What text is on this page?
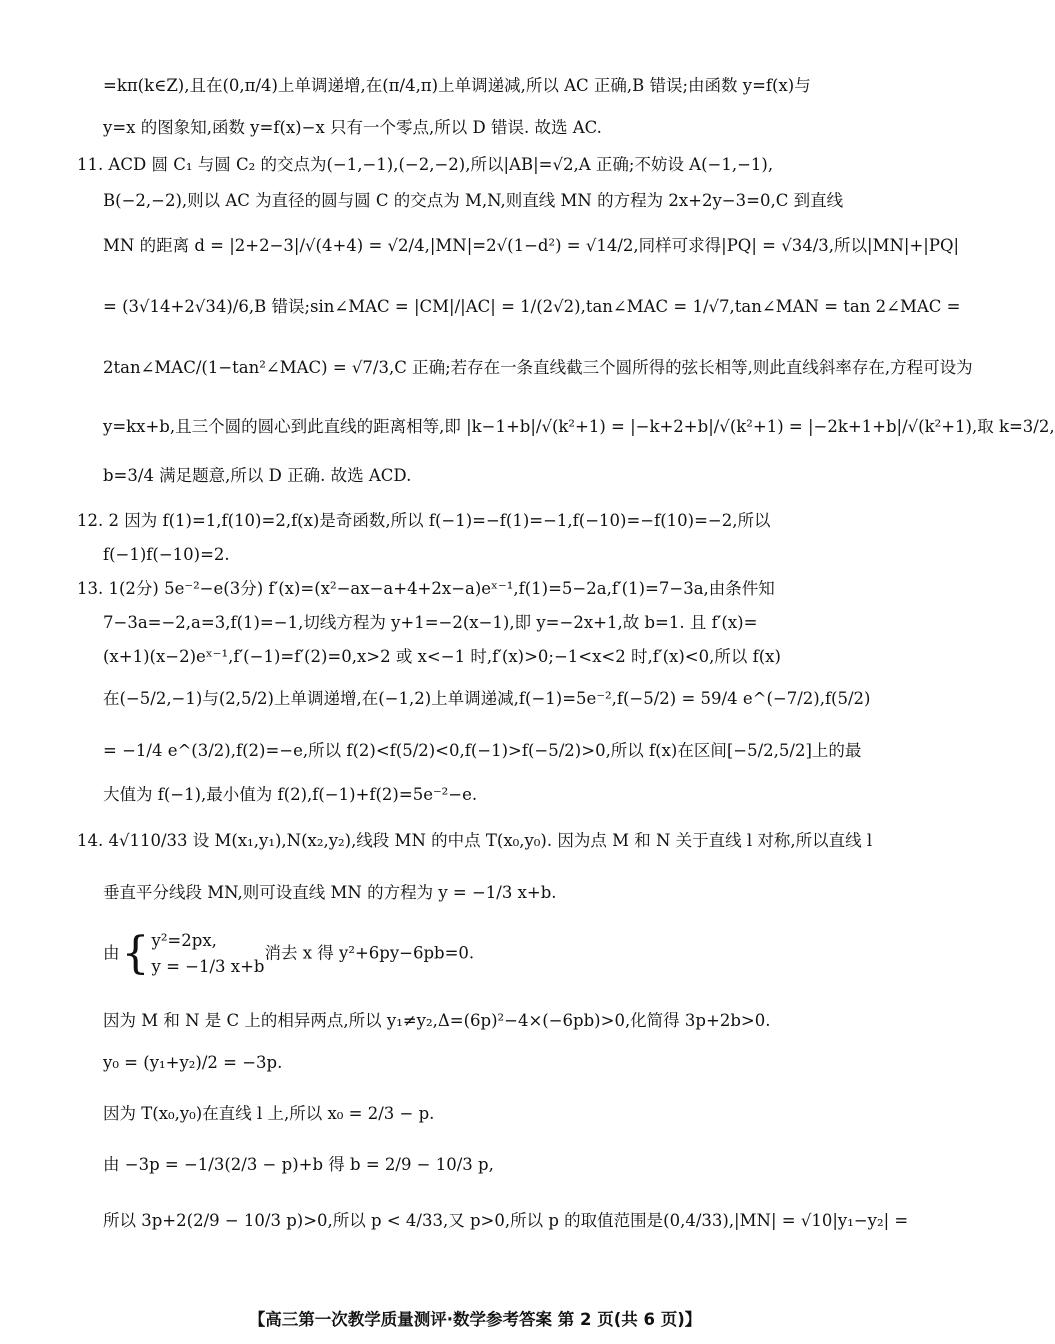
=kπ(k∈Z),且在(0,π/4)上单调递增,在(π/4,π)上单调递减,所以 AC 正确,B 错误;由函数 y=f(x)与
y=x 的图象知,函数 y=f(x)−x 只有一个零点,所以 D 错误. 故选 AC.
11. ACD 圆 C₁ 与圆 C₂ 的交点为(−1,−1),(−2,−2),所以|AB|=√2,A 正确;不妨设 A(−1,−1),
B(−2,−2),则以 AC 为直径的圆与圆 C 的交点为 M,N,则直线 MN 的方程为 2x+2y−3=0,C 到直线
MN 的距离 d = |2+2−3|/√(4+4) = √2/4,|MN|=2√(1−d²) = √14/2,同样可求得|PQ| = √34/3,所以|MN|+|PQ|
= (3√14+2√34)/6,B 错误;sin∠MAC = |CM|/|AC| = 1/(2√2),tan∠MAC = 1/√7,tan∠MAN = tan 2∠MAC =
2tan∠MAC/(1−tan²∠MAC) = √7/3,C 正确;若存在一条直线截三个圆所得的弦长相等,则此直线斜率存在,方程可设为
y=kx+b,且三个圆的圆心到此直线的距离相等,即 |k−1+b|/√(k²+1) = |−k+2+b|/√(k²+1) = |−2k+1+b|/√(k²+1),取 k=3/2,
b=3/4 满足题意,所以 D 正确. 故选 ACD.
12. 2 因为 f(1)=1,f(10)=2,f(x)是奇函数,所以 f(−1)=−f(1)=−1,f(−10)=−f(10)=−2,所以
f(−1)f(−10)=2.
13. 1(2分) 5e⁻²−e(3分) f′(x)=(x²−ax−a+4+2x−a)eˣ⁻¹,f(1)=5−2a,f′(1)=7−3a,由条件知
7−3a=−2,a=3,f(1)=−1,切线方程为 y+1=−2(x−1),即 y=−2x+1,故 b=1. 且 f′(x)=
(x+1)(x−2)eˣ⁻¹,f′(−1)=f′(2)=0,x>2 或 x<−1 时,f′(x)>0;−1<x<2 时,f′(x)<0,所以 f(x)
在(−5/2,−1)与(2,5/2)上单调递增,在(−1,2)上单调递减,f(−1)=5e⁻²,f(−5/2) = 59/4 e^(−7/2),f(5/2)
= −1/4 e^(3/2),f(2)=−e,所以 f(2)<f(5/2)<0,f(−1)>f(−5/2)>0,所以 f(x)在区间[−5/2,5/2]上的最
大值为 f(−1),最小值为 f(2),f(−1)+f(2)=5e⁻²−e.
14. 4√110/33 设 M(x₁,y₁),N(x₂,y₂),线段 MN 的中点 T(x₀,y₀). 因为点 M 和 N 关于直线 l 对称,所以直线 l
垂直平分线段 MN,则可设直线 MN 的方程为 y = −1/3 x+b.
由{ y²=2px,
y = −1/3 x+b
消去 x 得 y²+6py−6pb=0.
因为 M 和 N 是 C 上的相异两点,所以 y₁≠y₂,Δ=(6p)²−4×(−6pb)>0,化简得 3p+2b>0.
y₀ = (y₁+y₂)/2 = −3p.
因为 T(x₀,y₀)在直线 l 上,所以 x₀ = 2/3 − p.
由 −3p = −1/3(2/3 − p)+b 得 b = 2/9 − 10/3 p,
所以 3p+2(2/9 − 10/3 p)>0,所以 p < 4/33,又 p>0,所以 p 的取值范围是(0,4/33),|MN| = √10|y₁−y₂| =
【高三第一次教学质量测评·数学参考答案 第 2 页(共 6 页)】
